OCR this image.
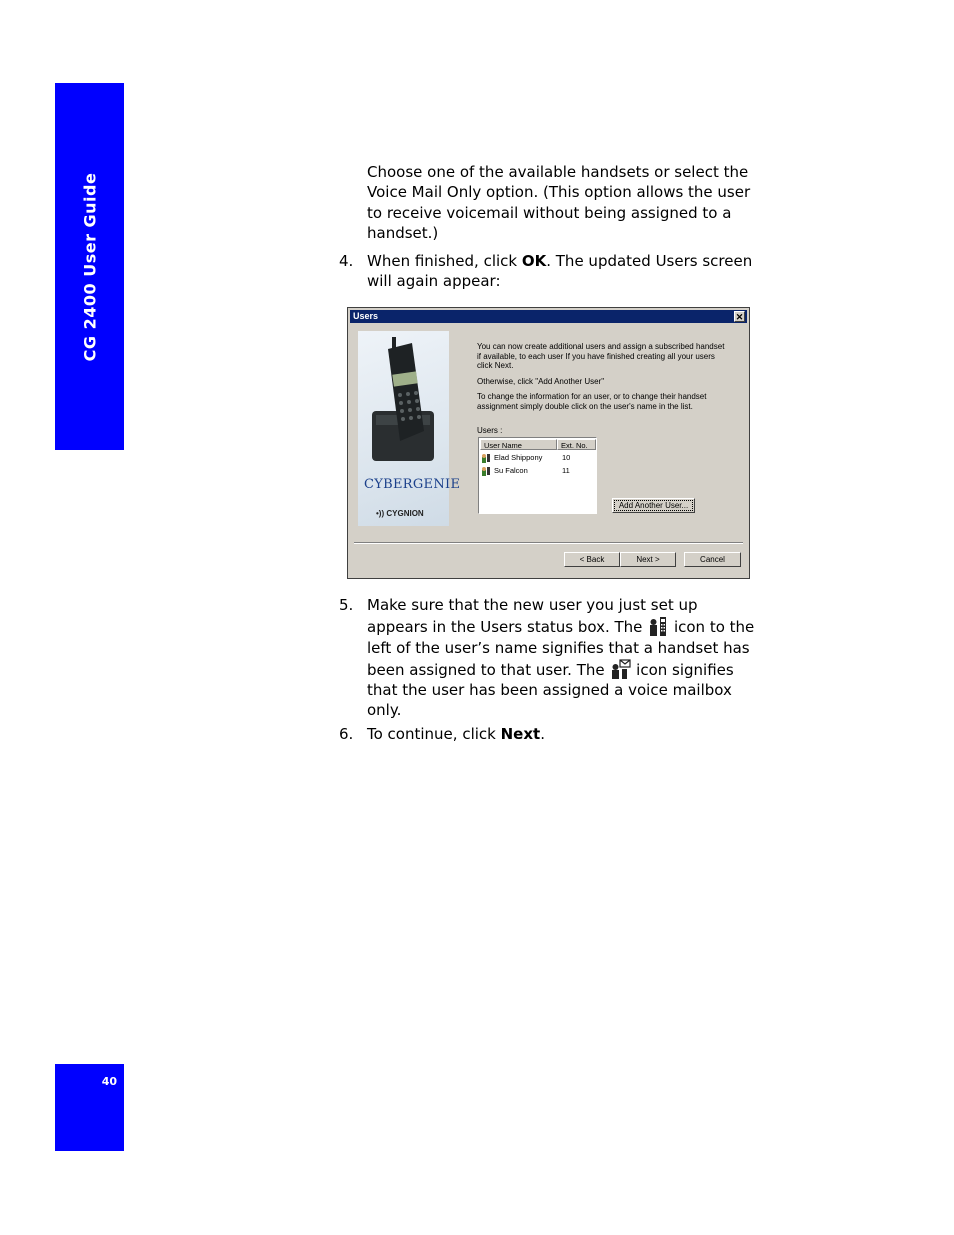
CG 2400 User Guide
Choose one of the available handsets or select the Voice Mail Only option. (This option allows the user to receive voicemail without being assigned to a handset.)
4. When finished, click OK. The updated Users screen will again appear:
Users	✕
CYBERGENIE
•)) CYGNION
You can now create additional users and assign a subscribed handset if available, to each user If you have finished creating all your users click Next.
Otherwise, click "Add Another User"
To change the information for an user, or to change their handset assignment simply double click on the user's name in the list.
Users :
User Name	Ext. No.
Elad Shippony	10
Su Falcon	11
Add Another User...
< Back	Next >	Cancel
5. Make sure that the new user you just set up appears in the Users status box. The  icon to the left of the user’s name signifies that a handset has been assigned to that user. The  icon signifies that the user has been assigned a voice mailbox only.
6. To continue, click Next.
40
